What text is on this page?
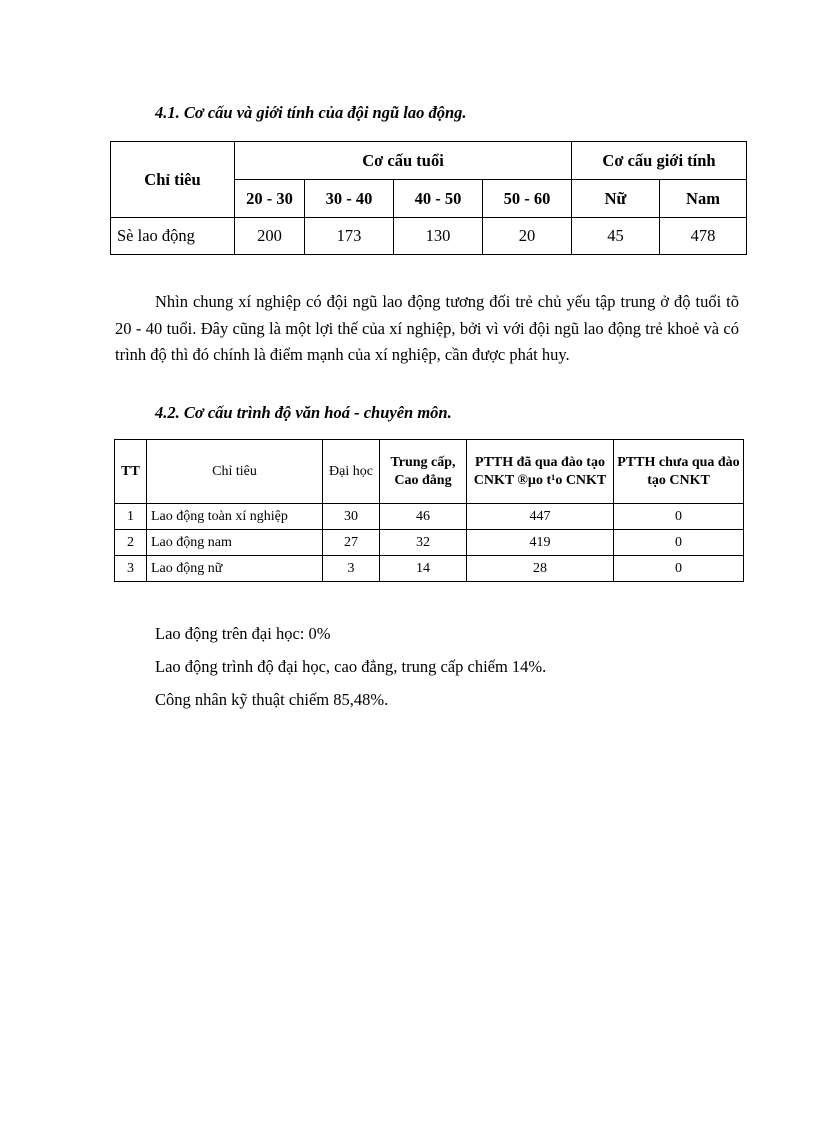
4.1. Cơ cấu và giới tính của đội ngũ lao động.
Chỉ tiêu	Cơ cấu tuổi				Cơ cấu giới tính	
	20 - 30	30 - 40	40 - 50	50 - 60	Nữ	Nam
Sè lao động	200	173	130	20	45	478
Nhìn chung xí nghiệp có đội ngũ lao động tương đối trẻ chủ yếu tập trung ở độ tuổi tõ 20 - 40 tuổi. Đây cũng là một lợi thế của xí nghiệp, bởi vì với đội ngũ lao động trẻ khoẻ và có trình độ thì đó chính là điểm mạnh của xí nghiệp, cần được phát huy.
4.2. Cơ cấu trình độ văn hoá - chuyên môn.
TT	Chỉ tiêu	Đại học	Trung cấp, Cao đẳng	PTTH đã qua đào tạo CNKT ®µo t¹o CNKT	PTTH chưa qua đào tạo CNKT
1	Lao động toàn xí nghiệp	30	46	447	0
2	Lao động nam	27	32	419	0
3	Lao động nữ	3	14	28	0
Lao động trên đại học: 0%
Lao động trình độ đại học, cao đẳng, trung cấp chiếm 14%.
Công nhân kỹ thuật chiếm 85,48%.
